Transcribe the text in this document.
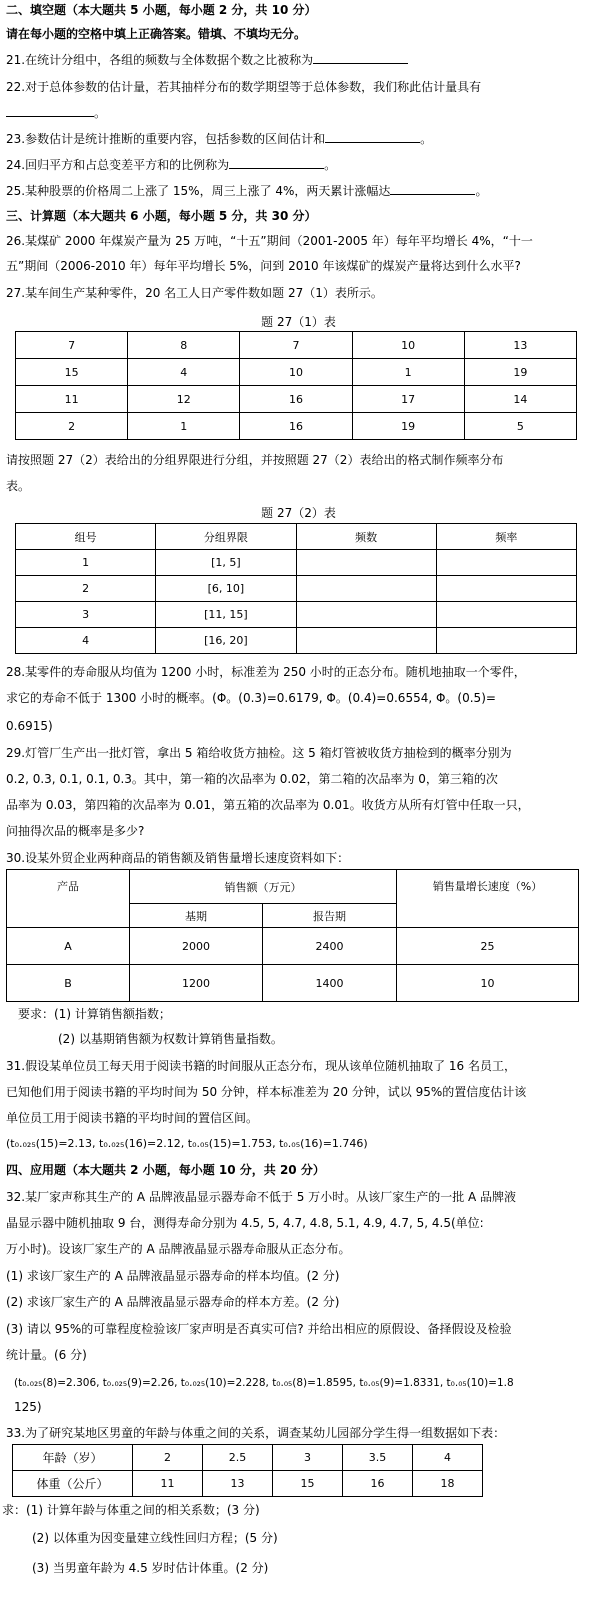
二、填空题（本大题共 5 小题，每小题 2 分，共 10 分）
请在每小题的空格中填上正确答案。错填、不填均无分。
21.在统计分组中，各组的频数与全体数据个数之比被称为
22.对于总体参数的估计量，若其抽样分布的数学期望等于总体参数，我们称此估计量具有
。
23.参数估计是统计推断的重要内容，包括参数的区间估计和	。
24.回归平方和占总变差平方和的比例称为	。
25.某种股票的价格周二上涨了 15%，周三上涨了 4%，两天累计涨幅达	。
三、计算题（本大题共 6 小题，每小题 5 分，共 30 分）
26.某煤矿 2000 年煤炭产量为 25 万吨，“十五”期间（2001-2005 年）每年平均增长 4%，“十一
五”期间（2006-2010 年）每年平均增长 5%，问到 2010 年该煤矿的煤炭产量将达到什么水平?
27.某车间生产某种零件，20 名工人日产零件数如题 27（1）表所示。
题 27（1）表
7	8	7	10	13
15	4	10	1	19
11	12	16	17	14
2	1	16	19	5
请按照题 27（2）表给出的分组界限进行分组，并按照题 27（2）表给出的格式制作频率分布
表。
题 27（2）表
组号	分组界限	频数	频率
1	[1, 5]		
2	[6, 10]		
3	[11, 15]		
4	[16, 20]		
28.某零件的寿命服从均值为 1200 小时，标准差为 250 小时的正态分布。随机地抽取一个零件，
求它的寿命不低于 1300 小时的概率。(Φ。(0.3)=0.6179, Φ。(0.4)=0.6554, Φ。(0.5)=
0.6915)
29.灯管厂生产出一批灯管，拿出 5 箱给收货方抽检。这 5 箱灯管被收货方抽检到的概率分别为
0.2, 0.3, 0.1, 0.1, 0.3。其中，第一箱的次品率为 0.02，第二箱的次品率为 0，第三箱的次
品率为 0.03，第四箱的次品率为 0.01，第五箱的次品率为 0.01。收货方从所有灯管中任取一只，
问抽得次品的概率是多少?
30.设某外贸企业两种商品的销售额及销售量增长速度资料如下：
产品	销售额（万元）		销售量增长速度（%）
	基期	报告期	
A	2000	2400	25
B	1200	1400	10
要求：(1) 计算销售额指数；
(2) 以基期销售额为权数计算销售量指数。
31.假设某单位员工每天用于阅读书籍的时间服从正态分布，现从该单位随机抽取了 16 名员工，
已知他们用于阅读书籍的平均时间为 50 分钟，样本标准差为 20 分钟，试以 95%的置信度估计该
单位员工用于阅读书籍的平均时间的置信区间。
(t₀.₀₂₅(15)=2.13, t₀.₀₂₅(16)=2.12, t₀.₀₅(15)=1.753, t₀.₀₅(16)=1.746)
四、应用题（本大题共 2 小题，每小题 10 分，共 20 分）
32.某厂家声称其生产的 A 品牌液晶显示器寿命不低于 5 万小时。从该厂家生产的一批 A 品牌液
晶显示器中随机抽取 9 台，测得寿命分别为 4.5, 5, 4.7, 4.8, 5.1, 4.9, 4.7, 5, 4.5(单位:
万小时)。设该厂家生产的 A 品牌液晶显示器寿命服从正态分布。
(1) 求该厂家生产的 A 品牌液晶显示器寿命的样本均值。(2 分)
(2) 求该厂家生产的 A 品牌液晶显示器寿命的样本方差。(2 分)
(3) 请以 95%的可靠程度检验该厂家声明是否真实可信? 并给出相应的原假设、备择假设及检验
统计量。(6 分)
(t₀.₀₂₅(8)=2.306, t₀.₀₂₅(9)=2.26, t₀.₀₂₅(10)=2.228, t₀.₀₅(8)=1.8595, t₀.₀₅(9)=1.8331, t₀.₀₅(10)=1.8
125)
33.为了研究某地区男童的年龄与体重之间的关系，调查某幼儿园部分学生得一组数据如下表：
年龄（岁）	2	2.5	3	3.5	4
体重（公斤）	11	13	15	16	18
求：(1) 计算年龄与体重之间的相关系数；(3 分)
(2) 以体重为因变量建立线性回归方程；(5 分)
(3) 当男童年龄为 4.5 岁时估计体重。(2 分)
